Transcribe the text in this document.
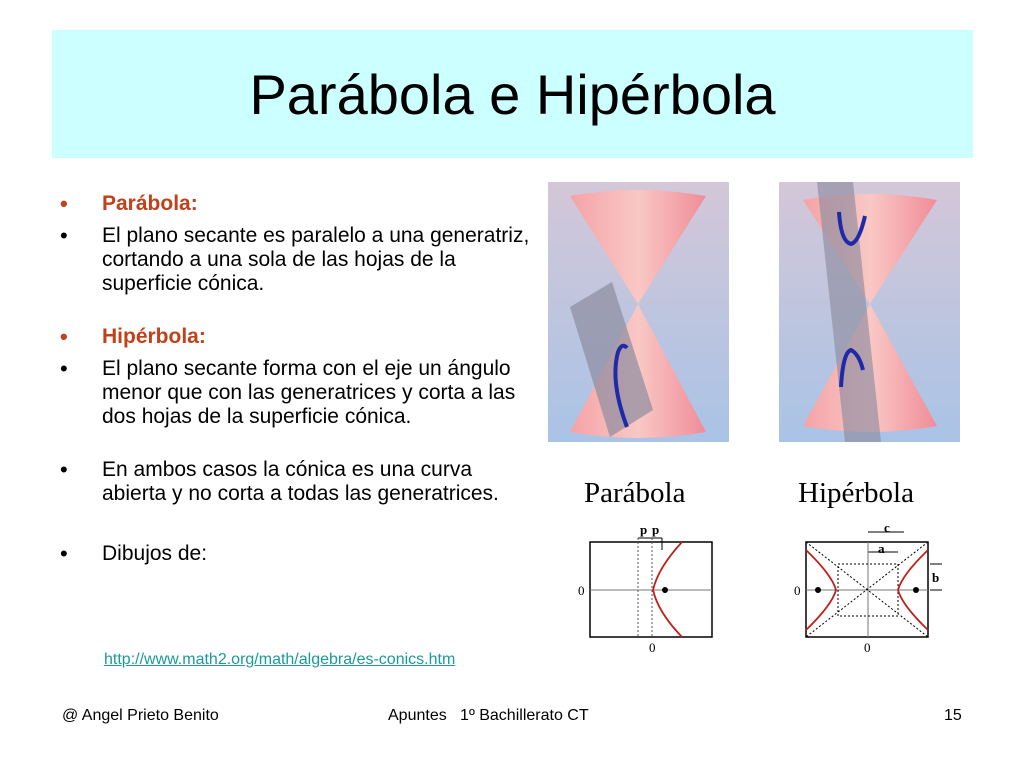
Parábola e Hipérbola
• Parábola:
• El plano secante es paralelo a una generatriz, cortando a una sola de las hojas de la superficie cónica.
• Hipérbola:
• El plano secante forma con el eje un ángulo menor que con las generatrices y corta a las dos hojas de la superficie cónica.
• En ambos casos la cónica es una curva abierta y no corta a todas las generatrices.
• Dibujos de:
http://www.math2.org/math/algebra/es-conics.htm
Parábola	Hipérbola
p p
0
0
c
a
b
0
0
@ Angel Prieto Benito	Apuntes   1º Bachillerato CT	15
